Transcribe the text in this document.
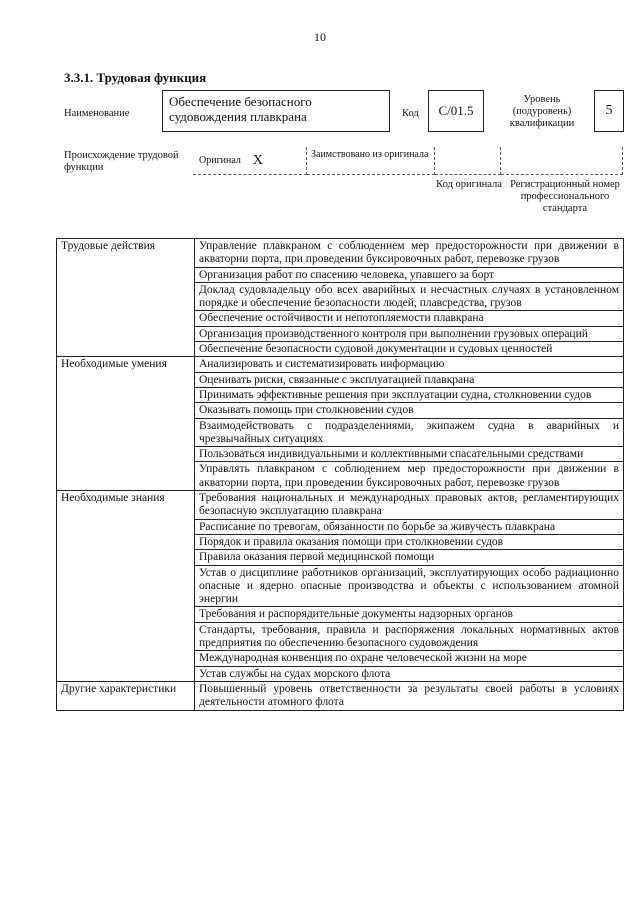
10
3.3.1. Трудовая функция
Наименование
Обеспечение безопасного судовождения плавкрана	Код	C/01.5
Уровень (подуровень) квалификации
5
Происхождение трудовой функции
Оригинал X	Заимствовано из оригинала
Код оригинала Регистрационный номер профессионального стандарта
Трудовые действия	Управление плавкраном с соблюдением мер предосторожности при движении в акватории порта, при проведении буксировочных работ, перевозке грузов
	Организация работ по спасению человека, упавшего за борт
	Доклад судовладельцу обо всех аварийных и несчастных случаях в установленном порядке и обеспечение безопасности людей, плавсредства, грузов
	Обеспечение остойчивости и непотопляемости плавкрана
	Организация производственного контроля при выполнении грузовых операций
	Обеспечение безопасности судовой документации и судовых ценностей
Необходимые умения	Анализировать и систематизировать информацию
	Оценивать риски, связанные с эксплуатацией плавкрана
	Принимать эффективные решения при эксплуатации судна, столкновении судов
	Оказывать помощь при столкновении судов
	Взаимодействовать с подразделениями, экипажем судна в аварийных и чрезвычайных ситуациях
	Пользоваться индивидуальными и коллективными спасательными средствами
	Управлять плавкраном с соблюдением мер предосторожности при движении в акватории порта, при проведении буксировочных работ, перевозке грузов
Необходимые знания	Требования национальных и международных правовых актов, регламентирующих безопасную эксплуатацию плавкрана
	Расписание по тревогам, обязанности по борьбе за живучесть плавкрана
	Порядок и правила оказания помощи при столкновении судов
	Правила оказания первой медицинской помощи
	Устав о дисциплине работников организаций, эксплуатирующих особо радиационно опасные и ядерно опасные производства и объекты с использованием атомной энергии
	Требования и распорядительные документы надзорных органов
	Стандарты, требования, правила и распоряжения локальных нормативных актов предприятия по обеспечению безопасного судовождения
	Международная конвенция по охране человеческой жизни на море
	Устав службы на судах морского флота
Другие характеристики	Повышенный уровень ответственности за результаты своей работы в условиях деятельности атомного флота
